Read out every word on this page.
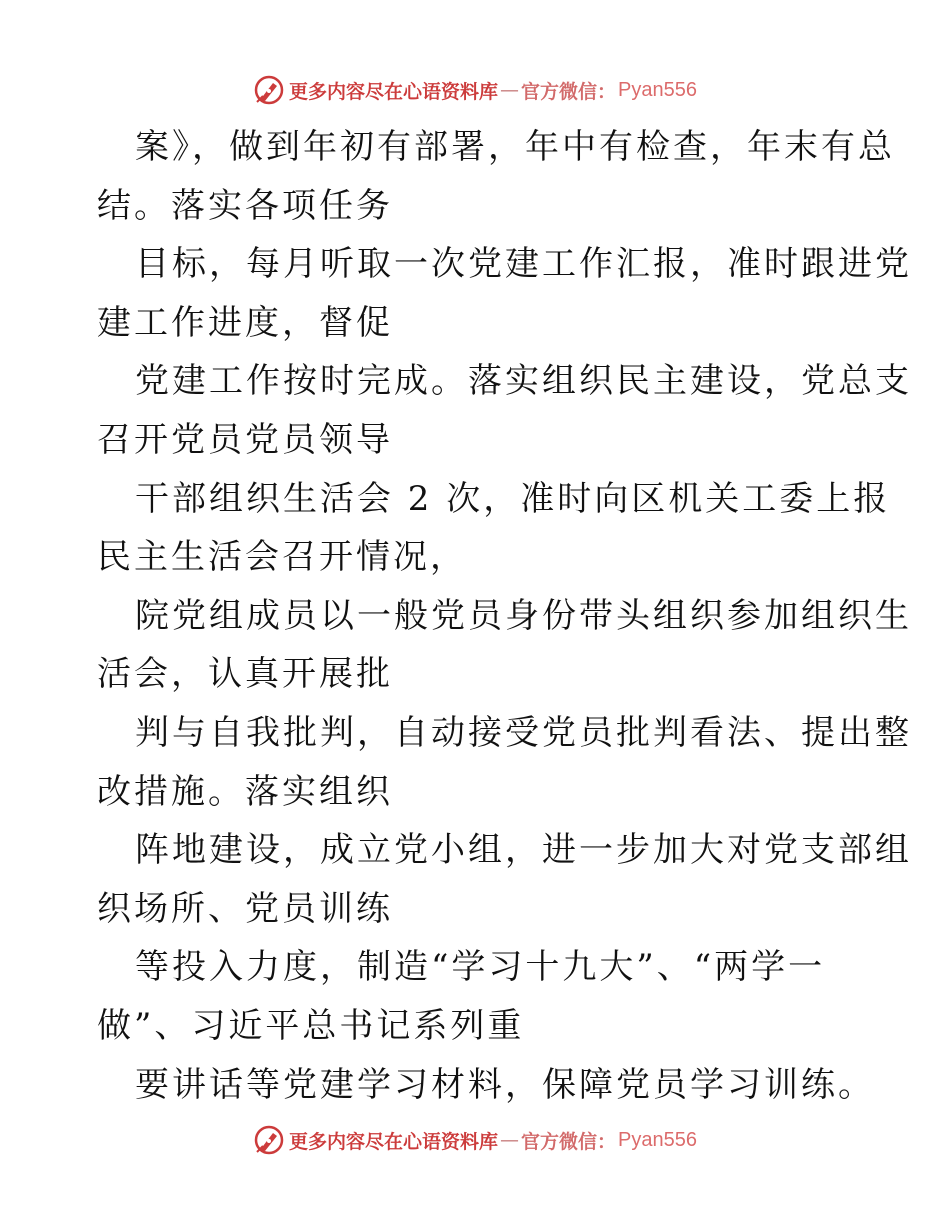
更多内容尽在心语资料库 — 官方微信： Pyan556
案》，做到年初有部署，年中有检查，年末有总
结。落实各项任务
目标，每月听取一次党建工作汇报，准时跟进党
建工作进度，督促
党建工作按时完成。落实组织民主建设，党总支
召开党员党员领导
干部组织生活会 2 次，准时向区机关工委上报
民主生活会召开情况，
院党组成员以一般党员身份带头组织参加组织生
活会，认真开展批
判与自我批判，自动接受党员批判看法、提出整
改措施。落实组织
阵地建设，成立党小组，进一步加大对党支部组
织场所、党员训练
等投入力度，制造“学习十九大”、“两学一
做”、习近平总书记系列重
要讲话等党建学习材料，保障党员学习训练。
更多内容尽在心语资料库 — 官方微信： Pyan556
